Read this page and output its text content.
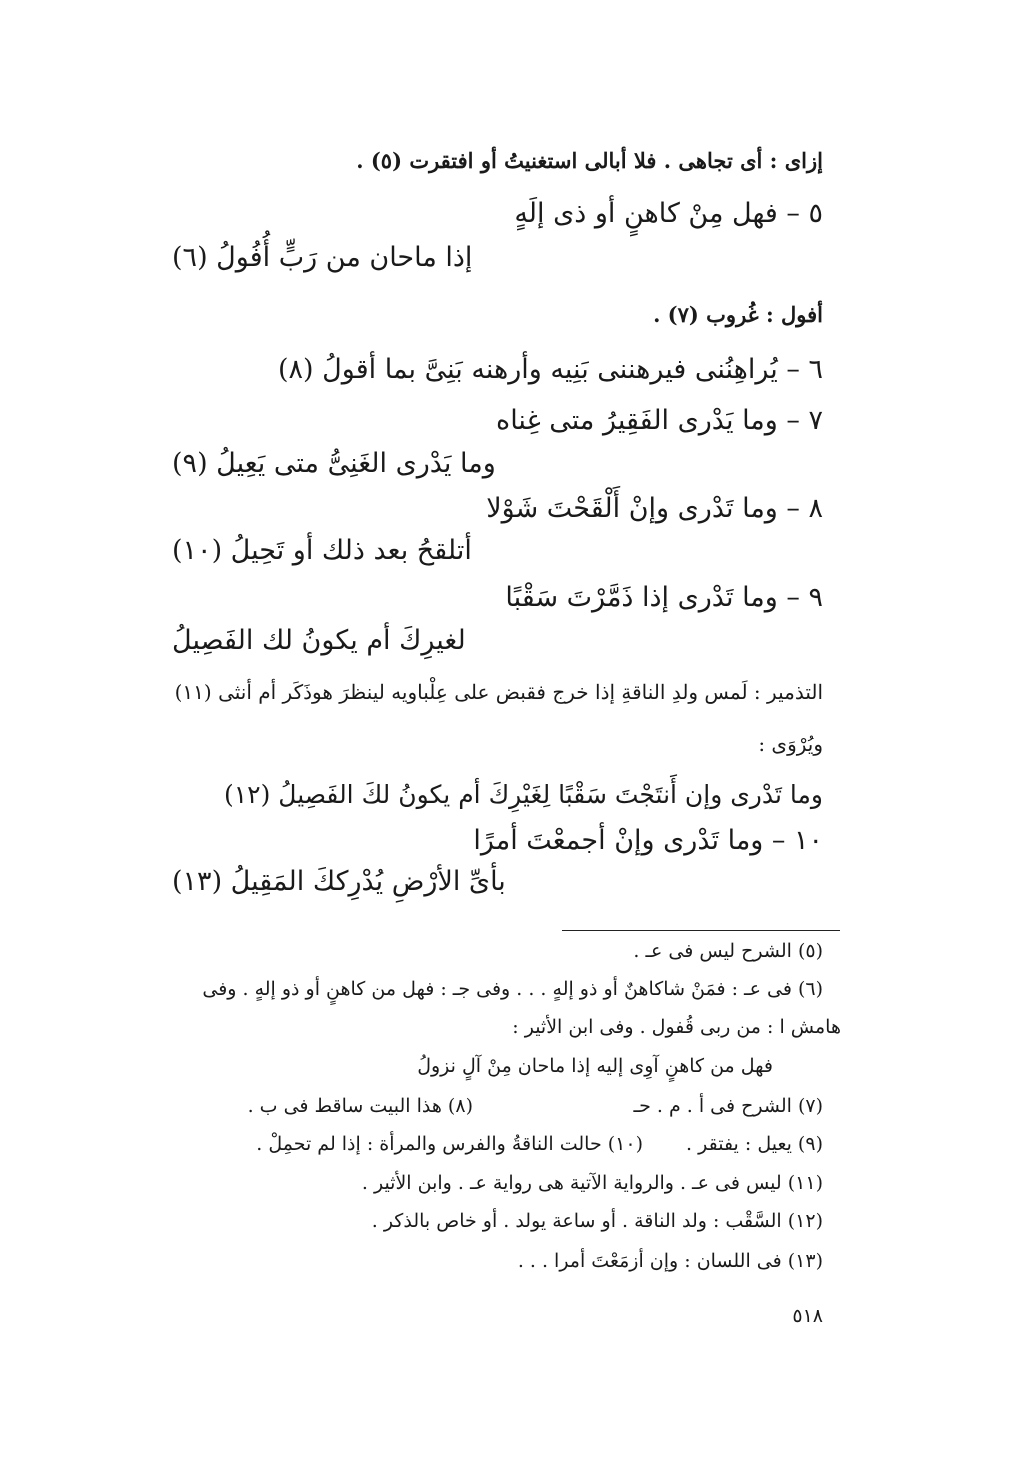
إزاى : أى تجاهى . فلا أبالى استغنيتُ أو افتقرت (٥) .
٥ – فهل مِنْ كاهنٍ أو ذى إلَهٍ
إذا ماحان من رَبٍّ أُفُولُ (٦)
أفول : غُروب (٧) .
٦ – يُراهِنُنى فيرهننى بَنِيه وأرهنه بَنِىَّ بما أقولُ (٨)
٧ – وما يَدْرى الفَقِيرُ متى غِناه
وما يَدْرى الغَنِىُّ متى يَعِيلُ (٩)
٨ – وما تَدْرى وإنْ أَلْقَحْتَ شَوْلا
أتلقحُ بعد ذلك أو تَحِيلُ (١٠)
٩ – وما تَدْرى إذا ذَمَّرْتَ سَقْبًا
لغيرِكَ أم يكونُ لك الفَصِيلُ
التذمير : لَمس ولدِ الناقةِ إذا خرج فقبض على عِلْباويه لينظرَ هوذَكَر أم أنثى (١١)
ويُرْوَى :
وما تَدْرى وإن أَنتَجْتَ سَقْبًا لِغَيْرِكَ أم يكونُ لكَ الفَصِيلُ (١٢)
١٠ – وما تَدْرى وإنْ أجمعْتَ أمرًا
بأىِّ الأرْضِ يُدْرِككَ المَقِيلُ (١٣)
(٥) الشرح ليس فى عـ .
(٦) فى عـ : فمَنْ شاكاهنٌ أو ذو إلهٍ . . . وفى جـ : فهل من كاهنٍ أو ذو إلهٍ . وفى
هامش ا : من ربى قُفول . وفى ابن الأثير :
فهل من كاهنٍ آوِى إليه إذا ماحان مِنْ آلٍ نزولُ
(٧) الشرح فى أ . م . حـ
(٨) هذا البيت ساقط فى ب .
(٩) يعيل : يفتقر .
(١٠) حالت الناقةُ والفرس والمرأة : إذا لم تحمِلْ .
(١١) ليس فى عـ . والرواية الآتية هى رواية عـ . وابن الأثير .
(١٢) السَّقْب : ولد الناقة . أو ساعة يولد . أو خاص بالذكر .
(١٣) فى اللسان : وإن أزمَعْتَ أمرا . . .
٥١٨
